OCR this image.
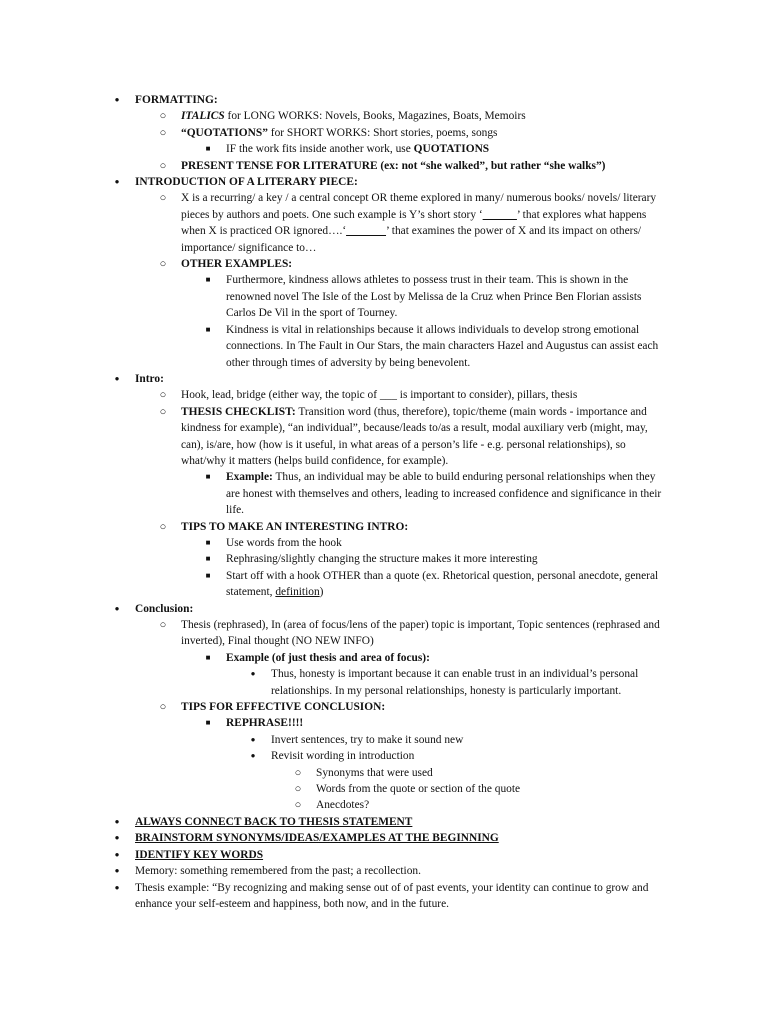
●
FORMATTING:
○
ITALICS for LONG WORKS: Novels, Books, Magazines, Boats, Memoirs
○
“QUOTATIONS” for SHORT WORKS: Short stories, poems, songs
■
IF the work fits inside another work, use QUOTATIONS
○
PRESENT TENSE FOR LITERATURE (ex: not “she walked”, but rather “she walks”)
●
INTRODUCTION OF A LITERARY PIECE:
○
X is a recurring/ a key / a central concept OR theme explored in many/ numerous books/ novels/ literary pieces by authors and poets. One such example is Y’s short story ‘______’ that explores what happens when X is practiced OR ignored….‘_______’ that examines the power of X and its impact on others/ importance/ significance to…
○
OTHER EXAMPLES:
■
Furthermore, kindness allows athletes to possess trust in their team. This is shown in the renowned novel The Isle of the Lost by Melissa de la Cruz when Prince Ben Florian assists Carlos De Vil in the sport of Tourney.
■
Kindness is vital in relationships because it allows individuals to develop strong emotional connections. In The Fault in Our Stars, the main characters Hazel and Augustus can assist each other through times of adversity by being benevolent.
●
Intro:
○
Hook, lead, bridge (either way, the topic of ___ is important to consider), pillars, thesis
○
THESIS CHECKLIST: Transition word (thus, therefore), topic/theme (main words - importance and kindness for example), “an individual”, because/leads to/as a result, modal auxiliary verb (might, may, can), is/are, how (how is it useful, in what areas of a person’s life - e.g. personal relationships), so what/why it matters (helps build confidence, for example).
■
Example: Thus, an individual may be able to build enduring personal relationships when they are honest with themselves and others, leading to increased confidence and significance in their life.
○
TIPS TO MAKE AN INTERESTING INTRO:
■
Use words from the hook
■
Rephrasing/slightly changing the structure makes it more interesting
■
Start off with a hook OTHER than a quote (ex. Rhetorical question, personal anecdote, general statement, definition)
●
Conclusion:
○
Thesis (rephrased), In (area of focus/lens of the paper) topic is important, Topic sentences (rephrased and inverted), Final thought (NO NEW INFO)
■
Example (of just thesis and area of focus):
●
Thus, honesty is important because it can enable trust in an individual’s personal relationships. In my personal relationships, honesty is particularly important.
○
TIPS FOR EFFECTIVE CONCLUSION:
■
REPHRASE!!!!
●
Invert sentences, try to make it sound new
●
Revisit wording in introduction
○
Synonyms that were used
○
Words from the quote or section of the quote
○
Anecdotes?
●
ALWAYS CONNECT BACK TO THESIS STATEMENT
●
BRAINSTORM SYNONYMS/IDEAS/EXAMPLES AT THE BEGINNING
●
IDENTIFY KEY WORDS
●
Memory: something remembered from the past; a recollection.
●
Thesis example: “By recognizing and making sense out of of past events, your identity can continue to grow and enhance your self-esteem and happiness, both now, and in the future.
